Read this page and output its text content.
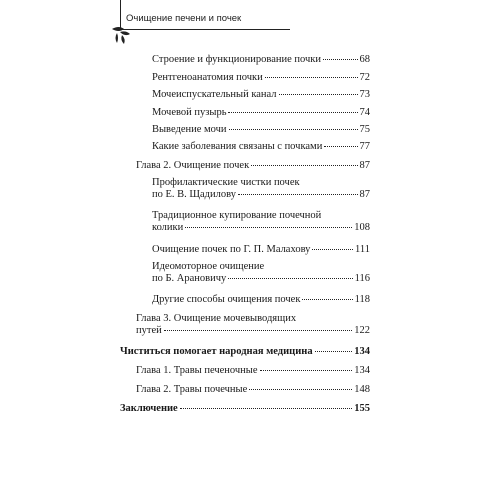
Очищение печени и почек
Строение и функционирование почки	68
Рентгеноанатомия почки	72
Мочеиспускательный канал	73
Мочевой пузырь	74
Выведение мочи	75
Какие заболевания связаны с почками	77
Глава 2. Очищение почек	87
Профилактические чистки почек
по Е. В. Щадилову	87
Традиционное купирование почечной
колики	108
Очищение почек по Г. П. Малахову	111
Идеомоторное очищение
по Б. Арановичу	116
Другие способы очищения почек	118
Глава 3. Очищение мочевыводящих
путей	122
Чиститься помогает народная медицина	134
Глава 1. Травы печеночные	134
Глава 2. Травы почечные	148
Заключение	155
